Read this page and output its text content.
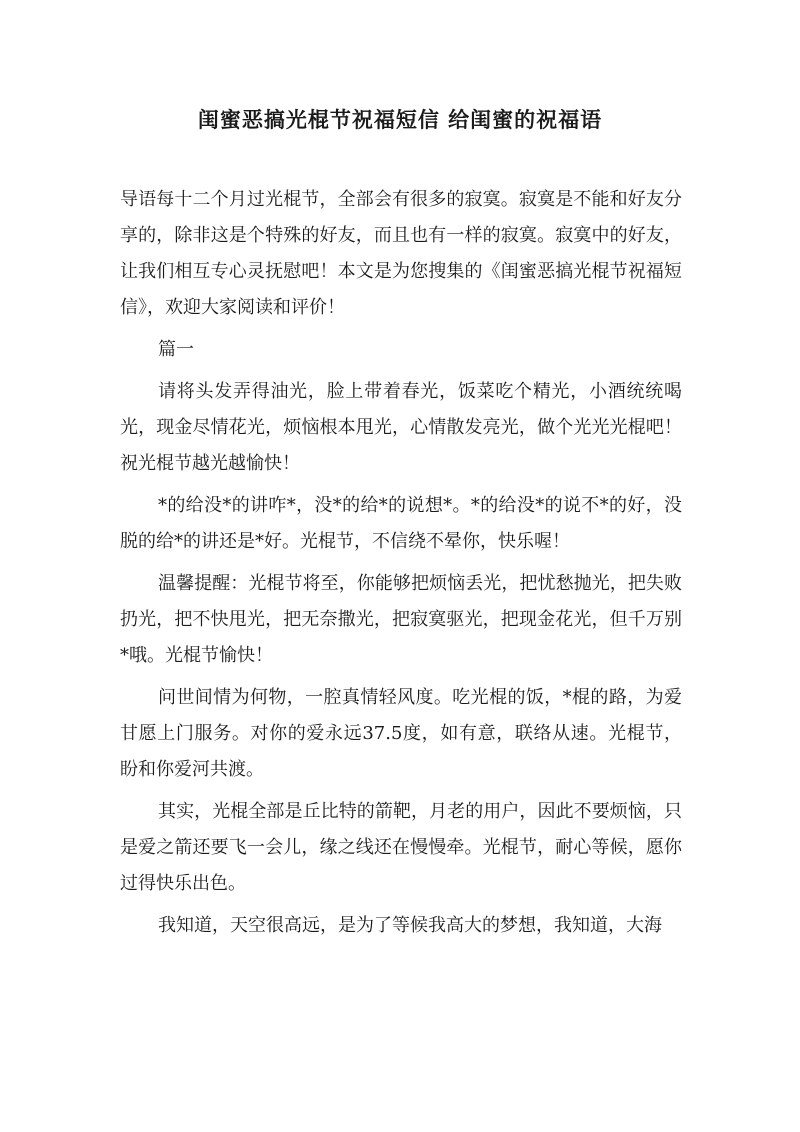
闺蜜恶搞光棍节祝福短信 给闺蜜的祝福语

导语每十二个月过光棍节，全部会有很多的寂寞。寂寞是不能和好友分享的，除非这是个特殊的好友，而且也有一样的寂寞。寂寞中的好友，让我们相互专心灵抚慰吧！本文是为您搜集的《闺蜜恶搞光棍节祝福短信》，欢迎大家阅读和评价！

篇一

请将头发弄得油光，脸上带着春光，饭菜吃个精光，小酒统统喝光，现金尽情花光，烦恼根本甩光，心情散发亮光，做个光光光棍吧！祝光棍节越光越愉快！

*的给没*的讲咋*，没*的给*的说想*。*的给没*的说不*的好，没脱的给*的讲还是*好。光棍节，不信绕不晕你，快乐喔！

温馨提醒：光棍节将至，你能够把烦恼丢光，把忧愁抛光，把失败扔光，把不快甩光，把无奈撒光，把寂寞驱光，把现金花光，但千万别*哦。光棍节愉快！

问世间情为何物，一腔真情轻风度。吃光棍的饭，*棍的路，为爱甘愿上门服务。对你的爱永远37.5度，如有意，联络从速。光棍节，盼和你爱河共渡。

其实，光棍全部是丘比特的箭靶，月老的用户，因此不要烦恼，只是爱之箭还要飞一会儿，缘之线还在慢慢牵。光棍节，耐心等候，愿你过得快乐出色。

我知道，天空很高远，是为了等候我高大的梦想，我知道，大海
